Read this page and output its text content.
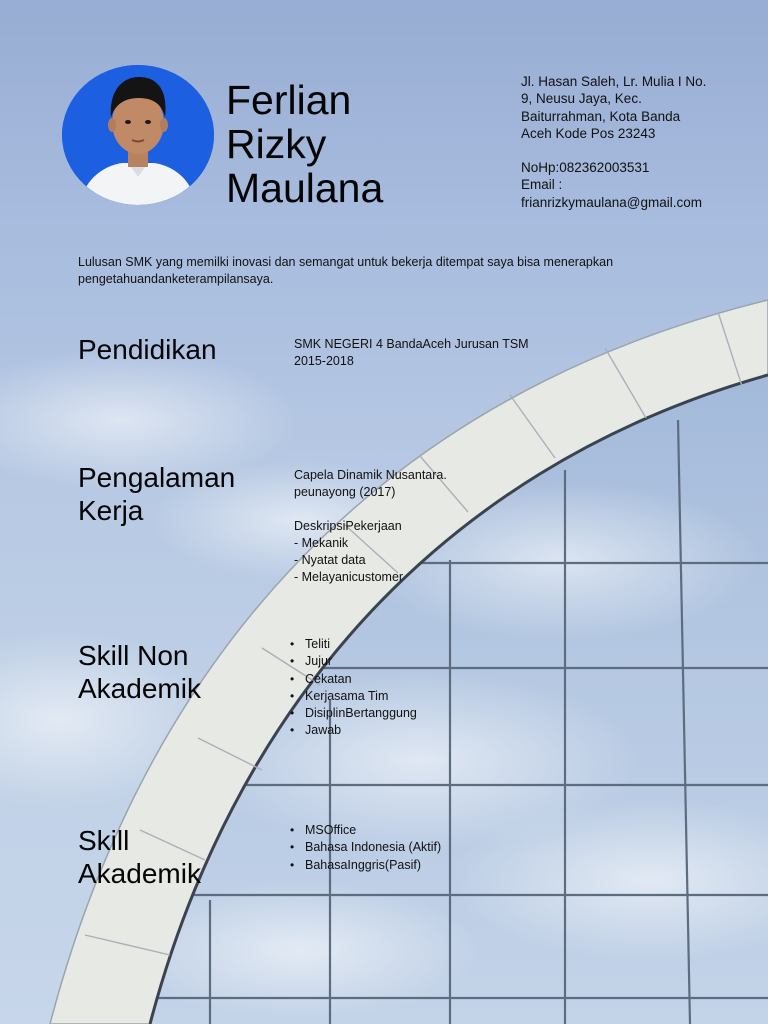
Ferlian
Rizky
Maulana
Jl. Hasan Saleh, Lr. Mulia I No.
9, Neusu Jaya, Kec.
Baiturrahman, Kota Banda
Aceh Kode Pos 23243
NoHp:082362003531
Email :
frianrizkymaulana@gmail.com
Lulusan SMK yang memilki inovasi dan semangat untuk bekerja ditempat saya bisa menerapkan pengetahuandanketerampilansaya.
Pendidikan	SMK NEGERI 4 BandaAceh Jurusan TSM
2015-2018
Pengalaman
Kerja
Capela Dinamik Nusantara.
peunayong (2017)
DeskripsiPekerjaan
- Mekanik
- Nyatat data
- Melayanicustomer
Skill Non
Akademik
• Teliti
• Jujur
• Cekatan
• Kerjasama Tim
• DisiplinBertanggung
• Jawab
Skill
Akademik
• MSOffice
• Bahasa Indonesia (Aktif)
• BahasaInggris(Pasif)
